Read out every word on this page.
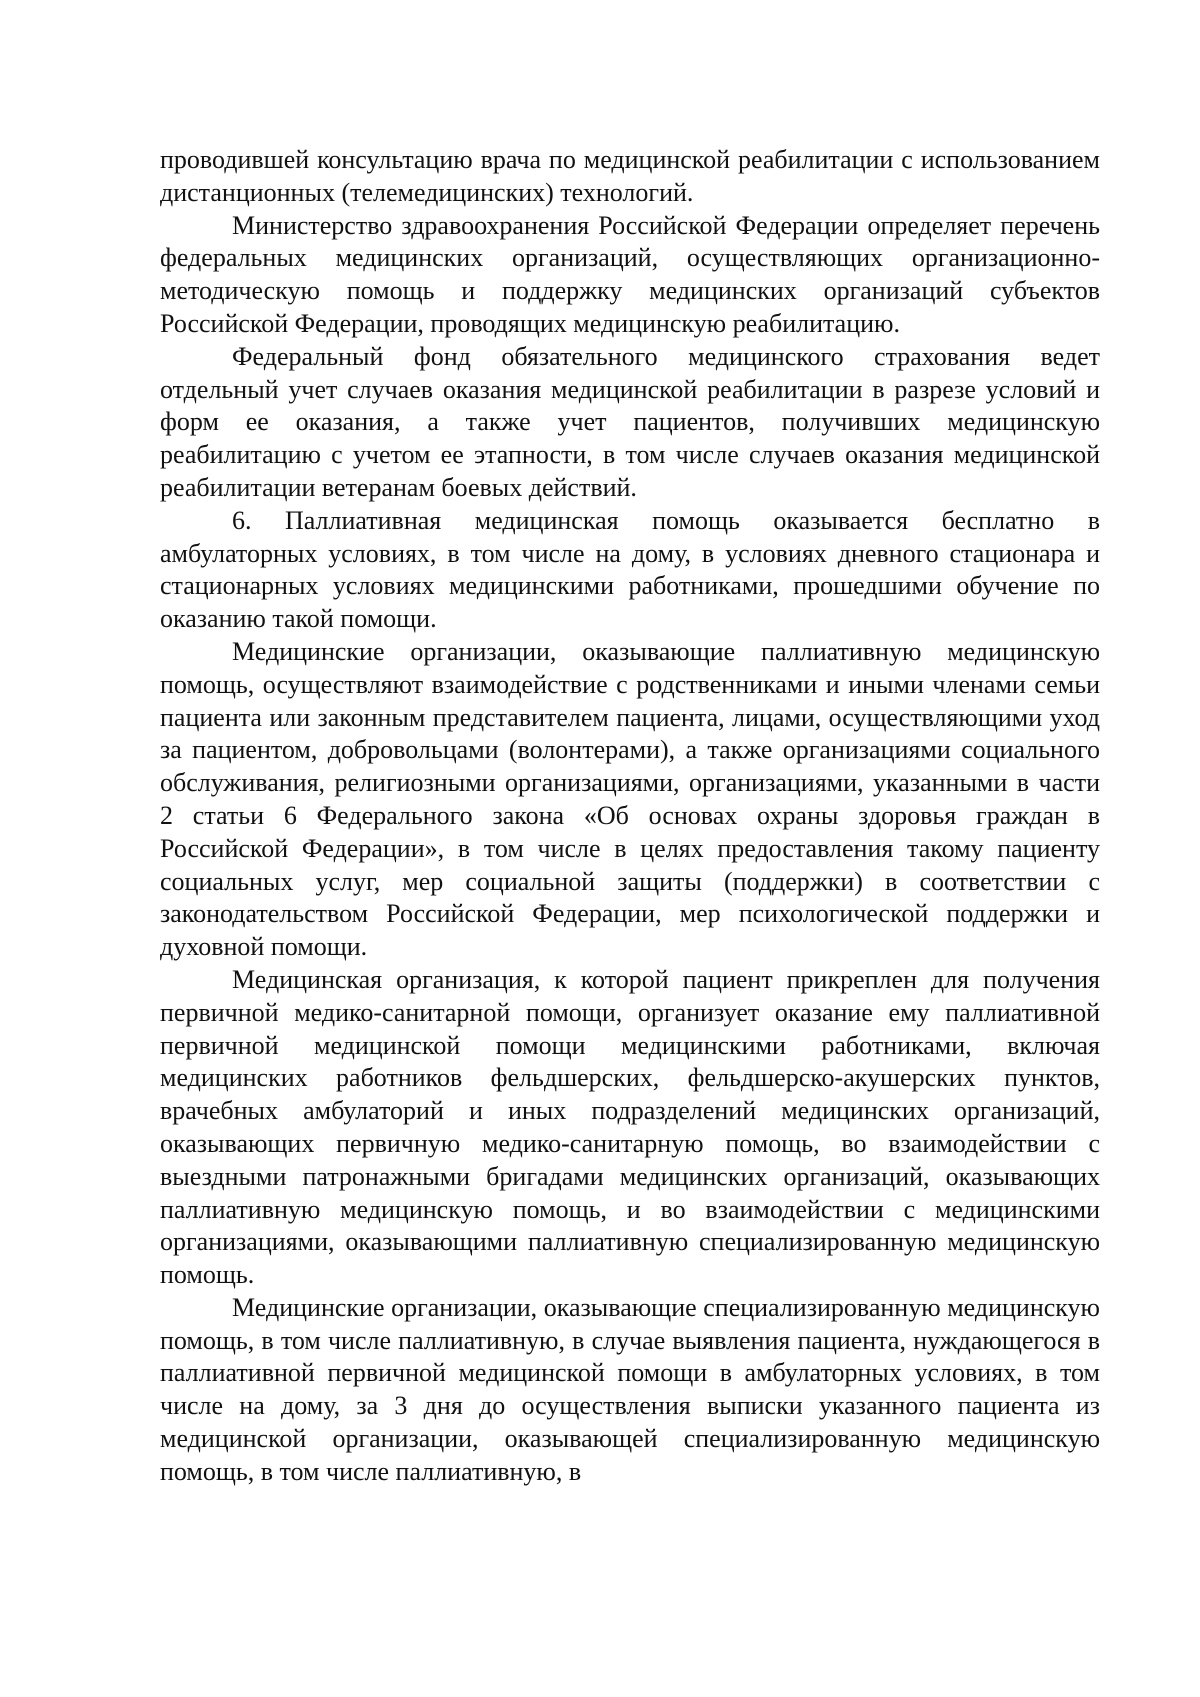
проводившей консультацию врача по медицинской реабилитации с использованием дистанционных (телемедицинских) технологий.

Министерство здравоохранения Российской Федерации определяет перечень федеральных медицинских организаций, осуществляющих организационно-методическую помощь и поддержку медицинских организаций субъектов Российской Федерации, проводящих медицинскую реабилитацию.

Федеральный фонд обязательного медицинского страхования ведет отдельный учет случаев оказания медицинской реабилитации в разрезе условий и форм ее оказания, а также учет пациентов, получивших медицинскую реабилитацию с учетом ее этапности, в том числе случаев оказания медицинской реабилитации ветеранам боевых действий.

6. Паллиативная медицинская помощь оказывается бесплатно в амбулаторных условиях, в том числе на дому, в условиях дневного стационара и стационарных условиях медицинскими работниками, прошедшими обучение по оказанию такой помощи.

Медицинские организации, оказывающие паллиативную медицинскую помощь, осуществляют взаимодействие с родственниками и иными членами семьи пациента или законным представителем пациента, лицами, осуществляющими уход за пациентом, добровольцами (волонтерами), а также организациями социального обслуживания, религиозными организациями, организациями, указанными в части 2 статьи 6 Федерального закона «Об основах охраны здоровья граждан в Российской Федерации», в том числе в целях предоставления такому пациенту социальных услуг, мер социальной защиты (поддержки) в соответствии с законодательством Российской Федерации, мер психологической поддержки и духовной помощи.

Медицинская организация, к которой пациент прикреплен для получения первичной медико-санитарной помощи, организует оказание ему паллиативной первичной медицинской помощи медицинскими работниками, включая медицинских работников фельдшерских, фельдшерско-акушерских пунктов, врачебных амбулаторий и иных подразделений медицинских организаций, оказывающих первичную медико-санитарную помощь, во взаимодействии с выездными патронажными бригадами медицинских организаций, оказывающих паллиативную медицинскую помощь, и во взаимодействии с медицинскими организациями, оказывающими паллиативную специализированную медицинскую помощь.

Медицинские организации, оказывающие специализированную медицинскую помощь, в том числе паллиативную, в случае выявления пациента, нуждающегося в паллиативной первичной медицинской помощи в амбулаторных условиях, в том числе на дому, за 3 дня до осуществления выписки указанного пациента из медицинской организации, оказывающей специализированную медицинскую помощь, в том числе паллиативную, в
